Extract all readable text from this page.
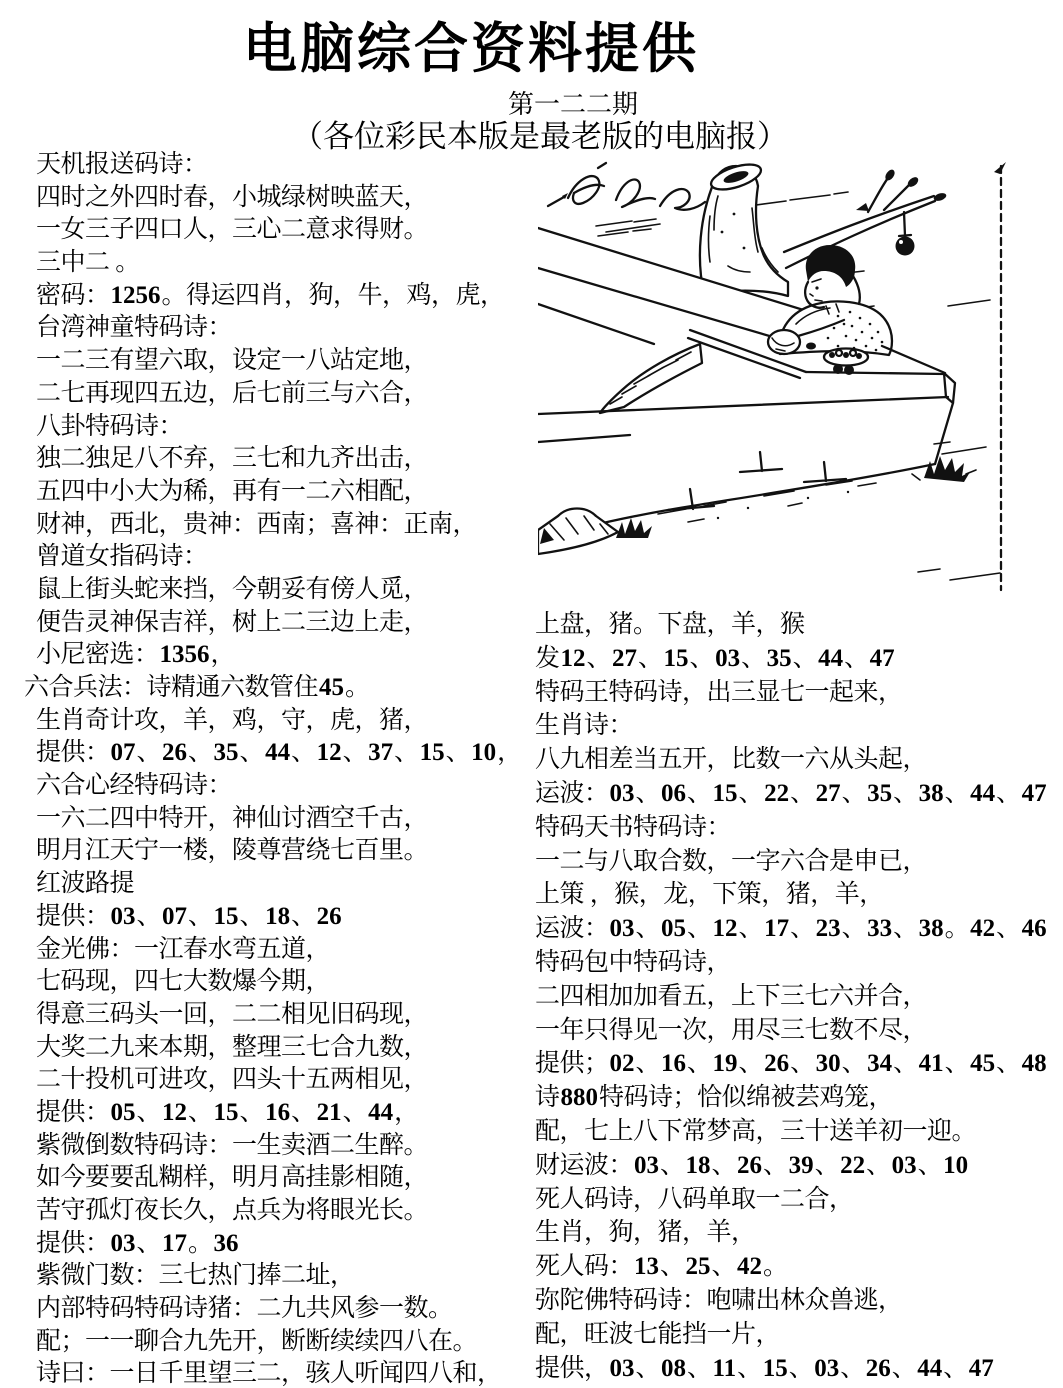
电脑综合资料提供
第一二二期
（各位彩民本版是最老版的电脑报）
天机报送码诗：
四时之外四时春，小城绿树映蓝天，
一女三子四口人，三心二意求得财。
三中二 。
密码：1256。得运四肖，狗，牛，鸡，虎，
台湾神童特码诗：
一二三有望六取，设定一八站定地，
二七再现四五边，后七前三与六合，
八卦特码诗：
独二独足八不弃，三七和九齐出击，
五四中小大为稀，再有一二六相配，
财神，西北，贵神：西南；喜神：正南，
曾道女指码诗：
鼠上街头蛇来挡，今朝妥有傍人觅，
便告灵神保吉祥，树上二三边上走，
小尼密选：1356，
六合兵法：诗精通六数管住45。
生肖奇计攻，羊，鸡，守，虎，猪，
提供：07、26、35、44、12、37、15、10，
六合心经特码诗：
一六二四中特开，神仙讨酒空千古，
明月江天宁一楼，陵尊营绕七百里。
红波路提
提供：03、07、15、18、26
金光佛：一江春水弯五道，
七码现，四七大数爆今期，
得意三码头一回，二二相见旧码现，
大奖二九来本期，整理三七合九数，
二十投机可进攻，四头十五两相见，
提供：05、12、15、16、21、44，
紫微倒数特码诗：一生卖酒二生醉。
如今要要乱糊样，明月高挂影相随，
苦守孤灯夜长久，点兵为将眼光长。
提供：03、17。36
紫微门数：三七热门捧二址，
内部特码特码诗猪：二九共风参一数。
配；一一聊合九先开，断断续续四八在。
诗曰：一日千里望三二，骇人听闻四八和，
上盘，猪。下盘，羊，猴
发12、27、15、03、35、44、47
特码王特码诗，出三显七一起来，
生肖诗：
八九相差当五开，比数一六从头起，
运波：03、06、15、22、27、35、38、44、47
特码天书特码诗：
一二与八取合数，一字六合是申已，
上策 ，猴，龙，下策，猪，羊，
运波：03、05、12、17、23、33、38。42、46
特码包中特码诗，
二四相加加看五，上下三七六并合，
一年只得见一次，用尽三七数不尽，
提供；02、16、19、26、30、34、41、45、48
诗880特码诗；恰似绵被芸鸡笼，
配，七上八下常梦高，三十送羊初一迎。
财运波：03、18、26、39、22、03、10
死人码诗，八码单取一二合，
生肖，狗，猪，羊，
死人码：13、25、42。
弥陀佛特码诗：咆啸出林众兽逃，
配，旺波七能挡一片，
提供，03、08、11、15、03、26、44、47
